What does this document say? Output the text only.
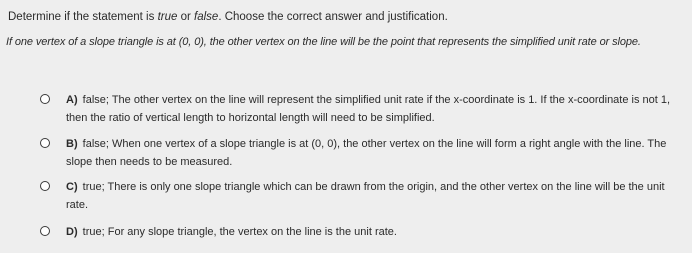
Determine if the statement is true or false. Choose the correct answer and justification.
If one vertex of a slope triangle is at (0, 0), the other vertex on the line will be the point that represents the simplified unit rate or slope.
A) false; The other vertex on the line will represent the simplified unit rate if the x-coordinate is 1. If the x-coordinate is not 1, then the ratio of vertical length to horizontal length will need to be simplified.
B) false; When one vertex of a slope triangle is at (0, 0), the other vertex on the line will form a right angle with the line. The slope then needs to be measured.
C) true; There is only one slope triangle which can be drawn from the origin, and the other vertex on the line will be the unit rate.
D) true; For any slope triangle, the vertex on the line is the unit rate.
